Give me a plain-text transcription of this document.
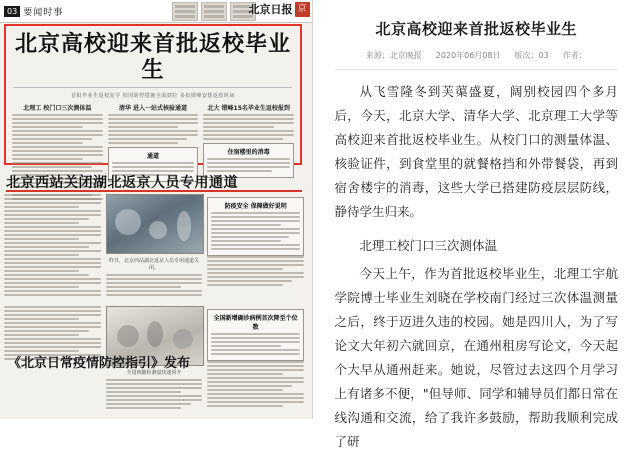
03 要闻时事	北京日报 京
北京高校迎来首批返校毕业生
首批毕业生返校复学 校园防控措施全面到位 多校错峰安排返校时间
北理工 校门口三次测体温	清华 进入一站式核验通道
通道
北大 错峰15名毕业生返校报到
住宿楼里的消毒
北京西站关闭湖北返京人员专用通道
昨日，北京西站湖北返京人员专用通道关闭。
防疫安全 保障做好说明
全国核酸检测量快速回升
全国新增确诊病例首次降至个位数
《北京日常疫情防控指引》发布
北京高校迎来首批返校毕业生
来源：北京晚报 2020年06月08日 版次：03 作者：

从飞雪隆冬到芙蕖盛夏，阔别校园四个多月后，今天，北京大学、清华大学、北京理工大学等高校迎来首批返校毕业生。从校门口的测量体温、核验证件，到食堂里的就餐格挡和外带餐袋，再到宿舍楼宇的消毒，这些大学已搭建防疫层层防线，静待学生归来。

北理工校门口三次测体温

今天上午，作为首批返校毕业生，北理工宇航学院博士毕业生刘晓在学校南门经过三次体温测量之后，终于迈进久违的校园。她是四川人，为了写论文大年初六就回京，在通州租房写论文，今天起个大早从通州赶来。她说，尽管过去这四个月学习上有诸多不便，"但导师、同学和辅导员们都日常在线沟通和交流，给了我许多鼓励，帮助我顺利完成了研
